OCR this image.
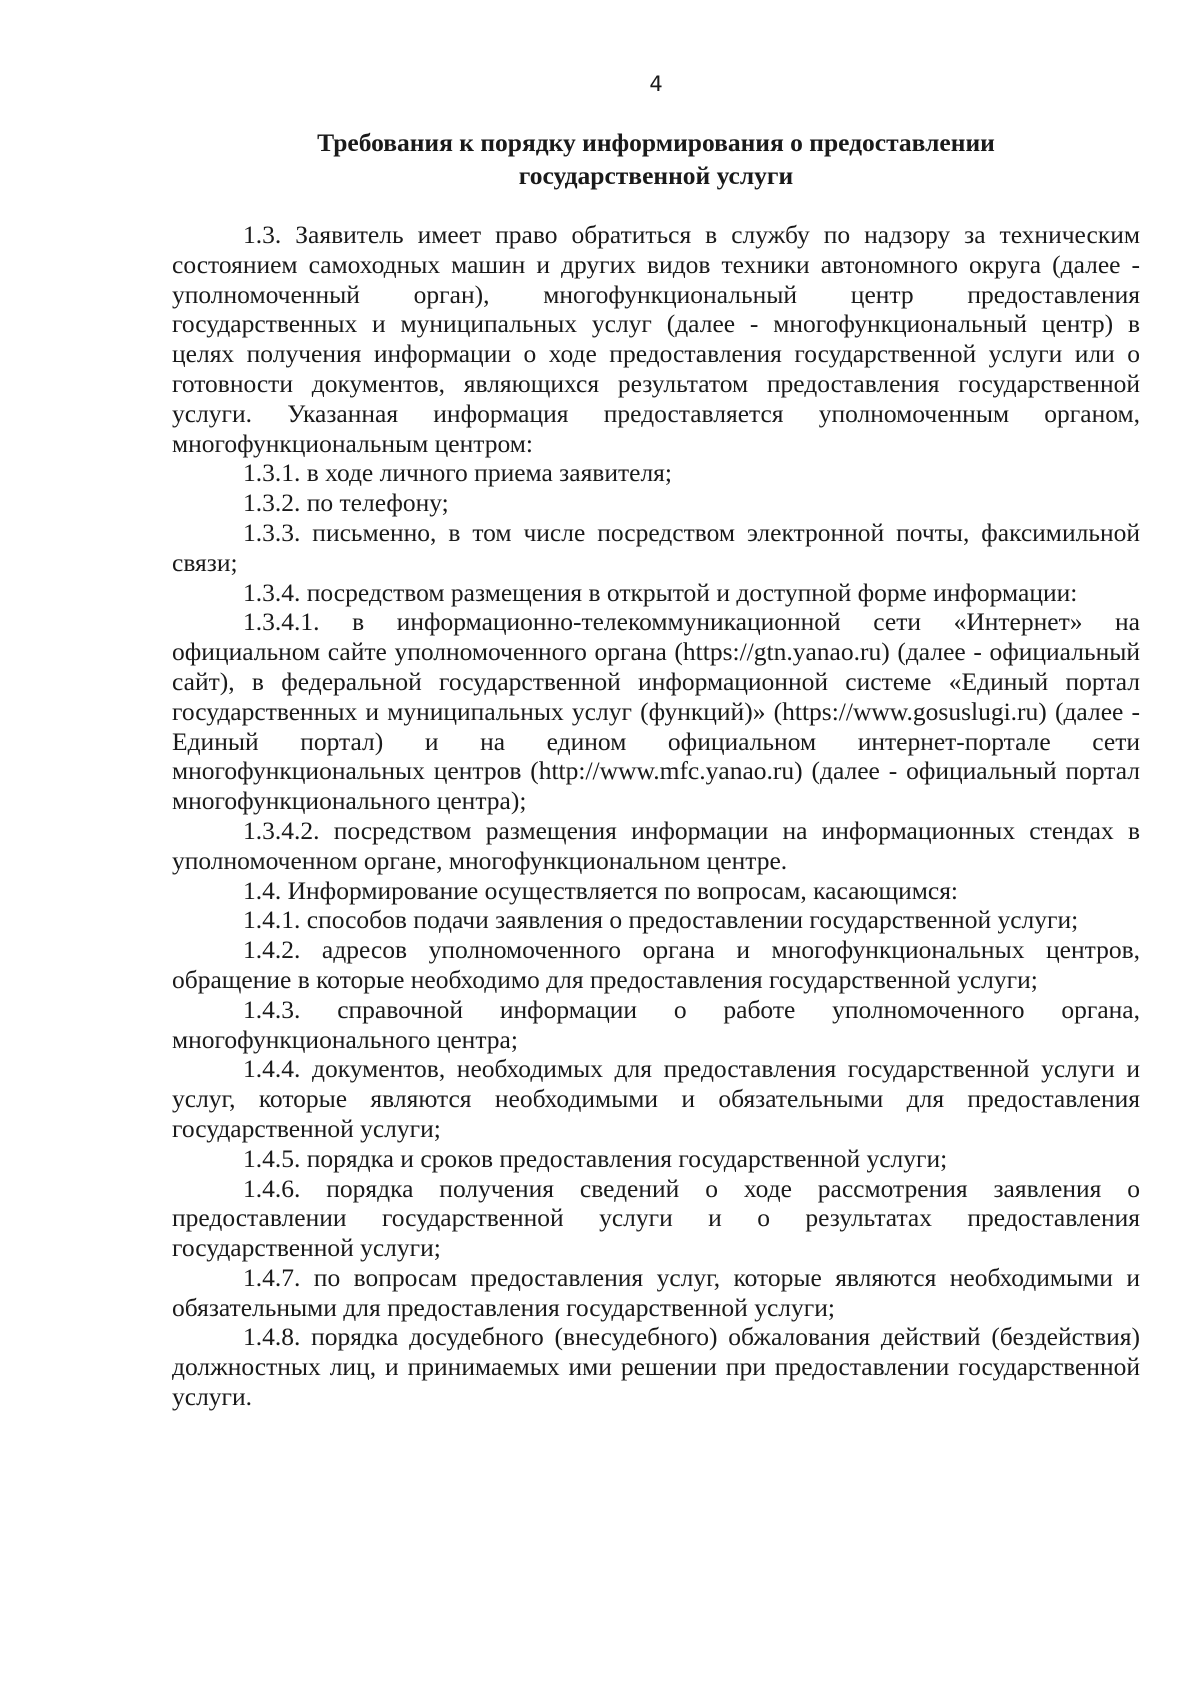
4
Требования к порядку информирования о предоставлении
государственной услуги

1.3. Заявитель имеет право обратиться в службу по надзору за техническим состоянием самоходных машин и других видов техники автономного округа (далее - уполномоченный орган), многофункциональный центр предоставления государственных и муниципальных услуг (далее - многофункциональный центр) в целях получения информации о ходе предоставления государственной услуги или о готовности документов, являющихся результатом предоставления государственной услуги. Указанная информация предоставляется уполномоченным органом, многофункциональным центром:

1.3.1. в ходе личного приема заявителя;

1.3.2. по телефону;

1.3.3. письменно, в том числе посредством электронной почты, факсимильной связи;

1.3.4. посредством размещения в открытой и доступной форме информации:

1.3.4.1. в информационно-телекоммуникационной сети «Интернет» на официальном сайте уполномоченного органа (https://gtn.yanao.ru) (далее - официальный сайт), в федеральной государственной информационной системе «Единый портал государственных и муниципальных услуг (функций)» (https://www.gosuslugi.ru) (далее - Единый портал) и на едином официальном интернет-портале сети многофункциональных центров (http://www.mfc.yanao.ru) (далее - официальный портал многофункционального центра);

1.3.4.2. посредством размещения информации на информационных стендах в уполномоченном органе, многофункциональном центре.

1.4. Информирование осуществляется по вопросам, касающимся:

1.4.1. способов подачи заявления о предоставлении государственной услуги;

1.4.2. адресов уполномоченного органа и многофункциональных центров, обращение в которые необходимо для предоставления государственной услуги;

1.4.3. справочной информации о работе уполномоченного органа, многофункционального центра;

1.4.4. документов, необходимых для предоставления государственной услуги и услуг, которые являются необходимыми и обязательными для предоставления государственной услуги;

1.4.5. порядка и сроков предоставления государственной услуги;

1.4.6. порядка получения сведений о ходе рассмотрения заявления о предоставлении государственной услуги и о результатах предоставления государственной услуги;

1.4.7. по вопросам предоставления услуг, которые являются необходимыми и обязательными для предоставления государственной услуги;

1.4.8. порядка досудебного (внесудебного) обжалования действий (бездействия) должностных лиц, и принимаемых ими решении при предоставлении государственной услуги.
